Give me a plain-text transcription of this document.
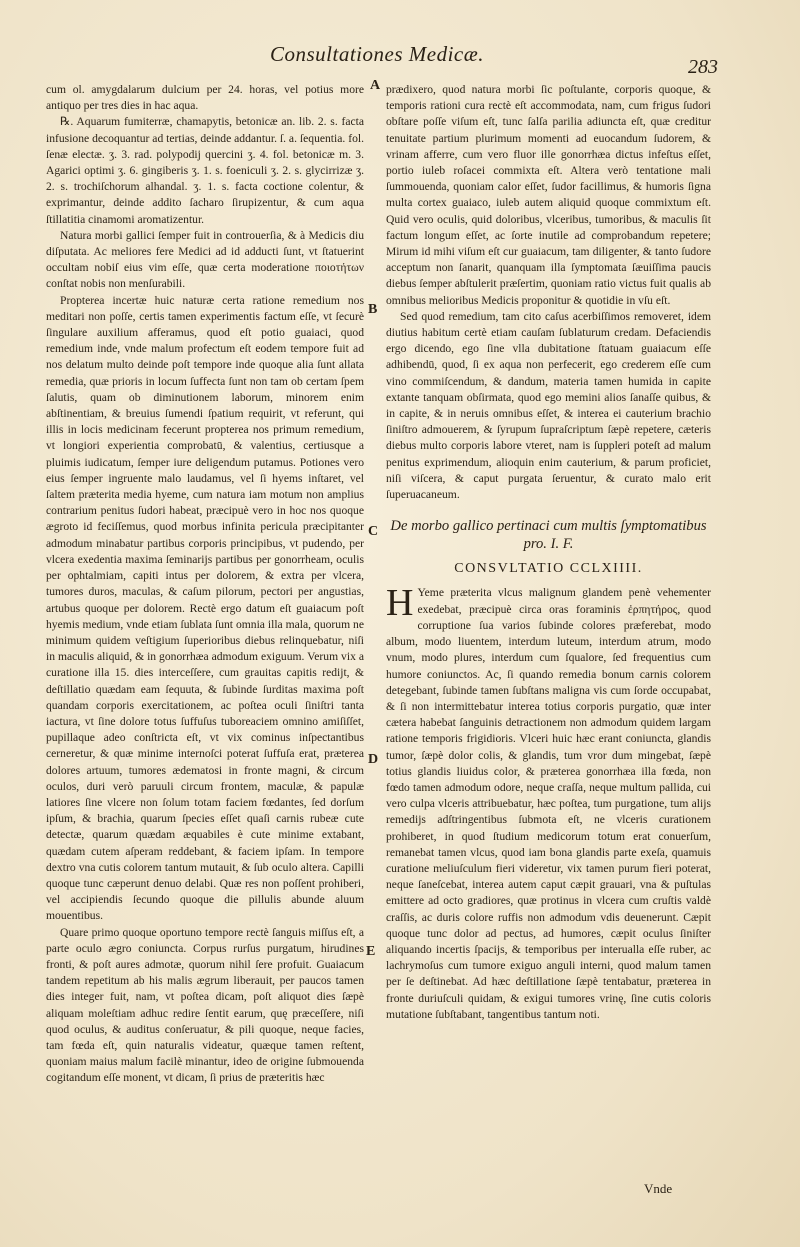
Consultationes Medicæ.
283
A
B
C
D
E

cum ol. amygdalarum dulcium per 24. horas, vel potius more antiquo per tres dies in hac aqua.

℞. Aquarum fumiterræ, chamapytis, betonicæ an. lib. 2. s. facta infusione decoquantur ad tertias, deinde addantur. ſ. a. ſequentia. fol. ſenæ electæ. ʒ. 3. rad. polypodij quercini ʒ. 4. fol. betonicæ m. 3. Agarici optimi ʒ. 6. gingiberis ʒ. 1. s. foeniculi ʒ. 2. s. glycirrizæ ʒ. 2. s. trochiſchorum alhandal. ʒ. 1. s. facta coctione colentur, & exprimantur, deinde addito ſacharo ſirupizentur, & cum aqua ſtillatitia cinamomi aromatizentur.

Natura morbi gallici ſemper fuit in controuerſia, & à Medicis diu diſputata. Ac meliores fere Medici ad id adducti ſunt, vt ſtatuerint occultam nobiſ eius vim eſſe, quæ certa moderatione ποιοτήτων conſtat nobis non menſurabili.

Propterea incertæ huic naturæ certa ratione remedium nos meditari non poſſe, certis tamen experimentis factum eſſe, vt ſecurè ſingulare auxilium afferamus, quod eſt potio guaiaci, quod remedium inde, vnde malum profectum eſt eodem tempore fuit ad nos delatum multo deinde poſt tempore inde quoque alia ſunt allata remedia, quæ prioris in locum ſuffecta ſunt non tam ob certam ſpem ſalutis, quam ob diminutionem laborum, minorem enim abſtinentiam, & breuius ſumendi ſpatium requirit, vt referunt, qui illis in locis medicinam fecerunt propterea nos primum remedium, vt longiori experientia comprobatū, & valentius, certiusque a pluimis iudicatum, ſemper iure deligendum putamus. Potiones vero eius ſemper ingruente malo laudamus, vel ſi hyems inſtaret, vel ſaltem præterita media hyeme, cum natura iam motum non amplius contrarium penitus ſudori habeat, præcipuè vero in hoc nos quoque ægroto id feciſſemus, quod morbus infinita pericula præcipitanter admodum minabatur partibus corporis principibus, vt pudendo, per vlcera exedentia maxima ſeminarijs partibus per gonorrheam, oculis per ophtalmiam, capiti intus per dolorem, & extra per vlcera, tumores duros, maculas, & caſum pilorum, pectori per angustias, artubus quoque per dolorem. Rectè ergo datum eſt guaiacum poſt hyemis medium, vnde etiam ſublata ſunt omnia illa mala, quorum ne minimum quidem veſtigium ſuperioribus diebus relinquebatur, niſi in maculis aliquid, & in gonorrhæa admodum exiguum. Verum vix a curatione illa 15. dies interceſſere, cum grauitas capitis redijt, & deſtillatio quædam eam ſequuta, & ſubinde ſurditas maxima poſt quandam corporis exercitationem, ac poſtea oculi ſiniſtri tanta iactura, vt ſine dolore totus ſuffuſus tuboreaciem omnino amiſiſſet, pupillaque adeo conſtricta eſt, vt vix cominus inſpectantibus cerneretur, & quæ minime internoſci poterat ſuffuſa erat, præterea dolores artuum, tumores ædematosi in fronte magni, & circum oculos, duri verò paruuli circum frontem, maculæ, & papulæ latiores ſine vlcere non ſolum totam faciem fœdantes, ſed dorſum ipſum, & brachia, quarum ſpecies eſſet quaſi carnis rubeæ cute detectæ, quarum quædam æquabiles è cute minime extabant, quædam cutem aſperam reddebant, & faciem ipſam. In tempore dextro vna cutis colorem tantum mutauit, & ſub oculo altera. Capilli quoque tunc cæperunt denuo delabi. Quæ res non poſſent prohiberi, vel accipiendis ſecundo quoque die pillulis abunde aluum mouentibus.

Quare primo quoque oportuno tempore rectè ſanguis miſſus eſt, a parte oculo ægro coniuncta. Corpus rurſus purgatum, hirudines fronti, & poſt aures admotæ, quorum nihil ſere profuit. Guaiacum tandem repetitum ab his malis ægrum liberauit, per paucos tamen dies integer fuit, nam, vt poſtea dicam, poſt aliquot dies ſæpè aliquam moleſtiam adhuc redire ſentit earum, quę præceſſere, niſi quod oculus, & auditus conſeruatur, & pili quoque, neque facies, tam fœda eſt, quin naturalis videatur, quæque tamen reſtent, quoniam maius malum facilè minantur, ideo de origine ſubmouenda cogitandum eſſe monent, vt dicam, ſi prius de præteritis hæc

prædixero, quod natura morbi ſic poſtulante, corporis quoque, & temporis rationi cura rectè eſt accommodata, nam, cum frigus ſudori obſtare poſſe viſum eſt, tunc ſalſa parilia adiuncta eſt, quæ creditur tenuitate partium plurimum momenti ad euocandum ſudorem, & vrinam afferre, cum vero fluor ille gonorrhæa dictus infeſtus eſſet, portio iuleb roſacei commixta eſt. Altera verò tentatione mali ſummouenda, quoniam calor eſſet, ſudor facillimus, & humoris ſigna multa cortex guaiaco, iuleb autem aliquid quoque commixtum eſt. Quid vero oculis, quid doloribus, vlceribus, tumoribus, & maculis ſit factum longum eſſet, ac ſorte inutile ad comprobandum repetere; Mirum id mihi viſum eſt cur guaiacum, tam diligenter, & tanto ſudore acceptum non ſanarit, quanquam illa ſymptomata ſæuiſſima paucis diebus ſemper abſtulerit præſertim, quoniam ratio victus fuit qualis ab omnibus melioribus Medicis proponitur & quotidie in vſu eſt.

Sed quod remedium, tam cito caſus acerbiſſimos removeret, idem diutius habitum certè etiam cauſam ſublaturum credam. Defaciendis ergo dicendo, ego ſine vlla dubitatione ſtatuam guaiacum eſſe adhibendū, quod, ſi ex aqua non perfecerit, ego crederem eſſe cum vino commiſcendum, & dandum, materia tamen humida in capite extante tanquam obſirmata, quod ego memini alios ſanaſſe quibus, & in capite, & in neruis omnibus eſſet, & interea ei cauterium brachio ſiniſtro admouerem, & ſyrupum ſupraſcriptum ſæpè repetere, cæteris diebus multo corporis labore vteret, nam is ſuppleri poteſt ad malum penitus exprimendum, alioquin enim cauterium, & parum proficiet, niſi viſcera, & caput purgata ſeruentur, & curato malo erit ſuperuacaneum.

De morbo gallico pertinaci cum multis ſymptomatibus pro. I. F.
CONSVLTATIO CCLXIIII.

H Yeme præterita vlcus malignum glandem penè vehementer exedebat, præcipuè circa oras foraminis ἐρπητήρος, quod corruptione ſua varios ſubinde colores præferebat, modo album, modo liuentem, interdum luteum, interdum atrum, modo vnum, modo plures, interdum cum ſqualore, ſed frequentius cum humore coniunctos. Ac, ſi quando remedia bonum carnis colorem detegebant, ſubinde tamen ſubſtans maligna vis cum ſorde occupabat, & ſi non intermittebatur interea totius corporis purgatio, quæ inter cætera habebat ſanguinis detractionem non admodum quidem largam ratione temporis frigidioris. Vlceri huic hæc erant coniuncta, glandis tumor, ſæpè dolor colis, & glandis, tum vror dum mingebat, ſæpè totius glandis liuidus color, & præterea gonorrhæa illa fœda, non fœdo tamen admodum odore, neque craſſa, neque multum pallida, cui vero culpa vlceris attribuebatur, hæc poſtea, tum purgatione, tum alijs remedijs adſtringentibus ſubmota eſt, ne vlceris curationem prohiberet, in quod ſtudium medicorum totum erat conuerſum, remanebat tamen vlcus, quod iam bona glandis parte exeſa, quamuis curatione meliuſculum fieri videretur, vix tamen purum fieri poterat, neque ſaneſcebat, interea autem caput cæpit grauari, vna & puſtulas emittere ad octo gradiores, quæ protinus in vlcera cum cruſtis valdè craſſis, ac duris colore ruffis non admodum vdis deuenerunt. Cæpit quoque tunc dolor ad pectus, ad humores, cæpit oculus ſiniſter aliquando incertis ſpacijs, & temporibus per interualla eſſe ruber, ac lachrymoſus cum tumore exiguo anguli interni, quod malum tamen per ſe deſtinebat. Ad hæc deſtillatione ſæpè tentabatur, præterea in fronte duriuſculi quidam, & exigui tumores vrinę, ſine cutis coloris mutatione ſubſtabant, tangentibus tantum noti.

Vnde
